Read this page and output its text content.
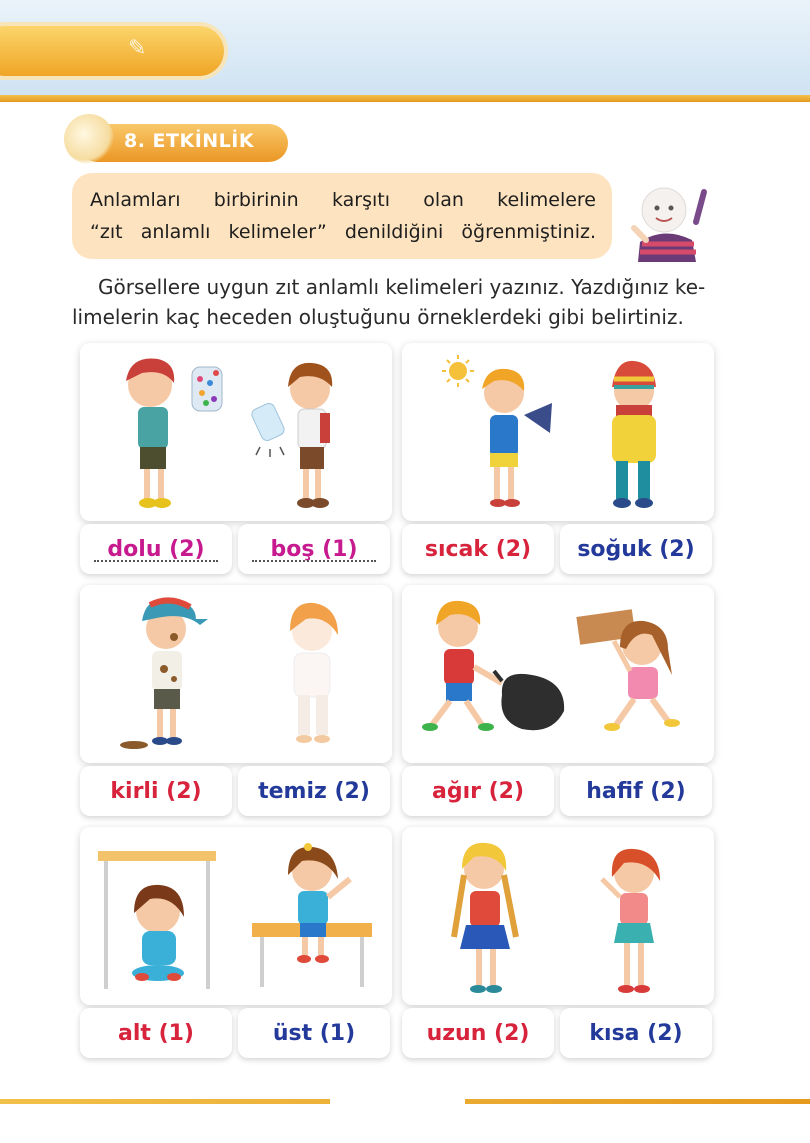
✎
8. ETKİNLİK
Anlamları birbirinin karşıtı olan kelimelere
“zıt anlamlı kelimeler” denildiğini öğrenmiştiniz.
Görsellere uygun zıt anlamlı kelimeleri yazınız. Yazdığınız ke-
limelerin kaç heceden oluştuğunu örneklerdeki gibi belirtiniz.
dolu (2)	boş (1)	sıcak (2) soğuk (2)
kirli (2)	temiz (2)	ağır (2)	hafif (2)
alt (1)	üst (1)	uzun (2)	kısa (2)
